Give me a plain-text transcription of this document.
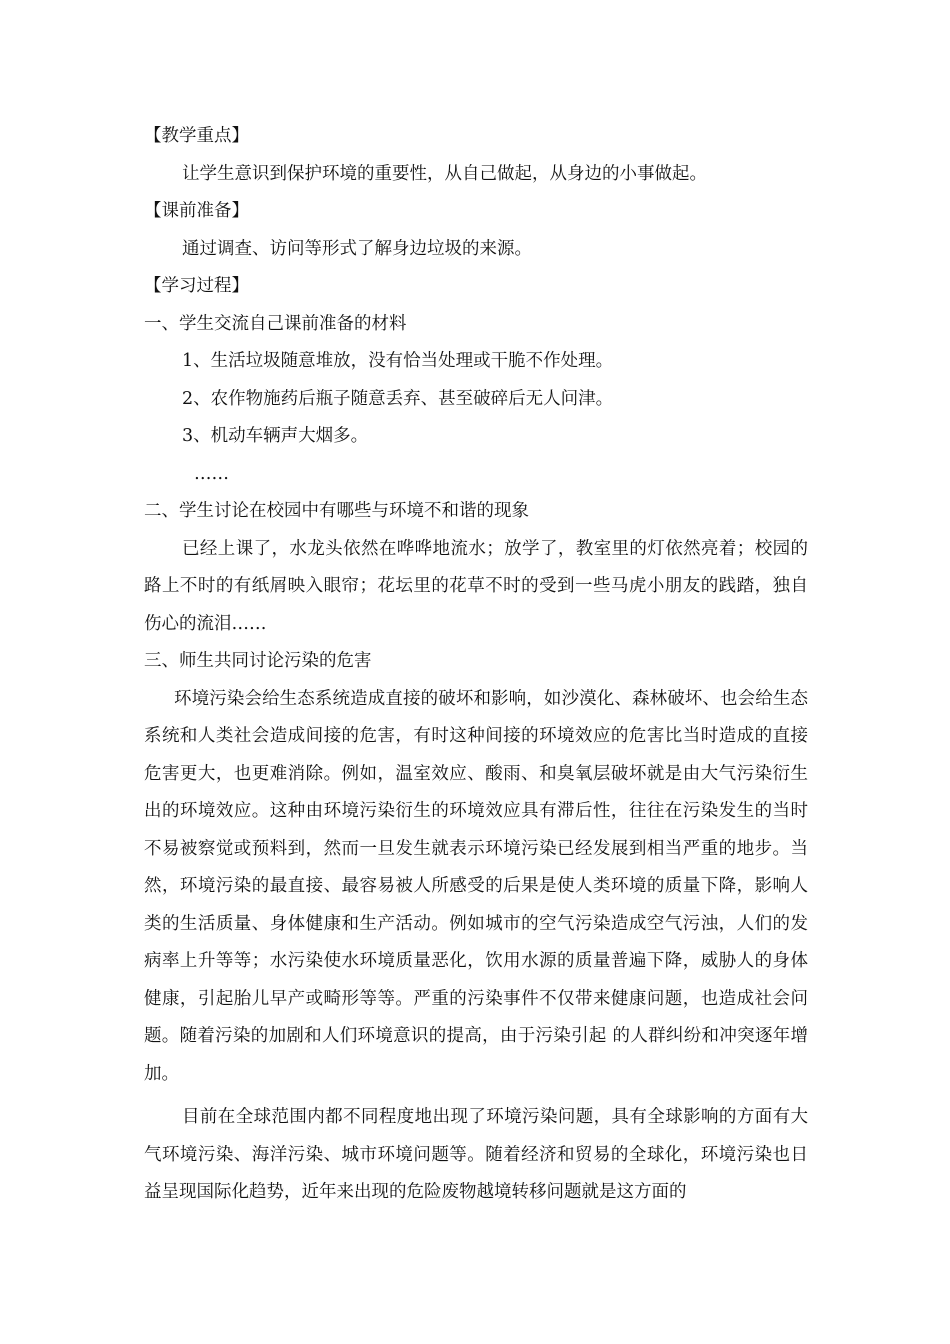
【教学重点】

让学生意识到保护环境的重要性，从自己做起，从身边的小事做起。

【课前准备】

通过调查、访问等形式了解身边垃圾的来源。

【学习过程】

一、学生交流自己课前准备的材料

1、生活垃圾随意堆放，没有恰当处理或干脆不作处理。

2、农作物施药后瓶子随意丢弃、甚至破碎后无人问津。

3、机动车辆声大烟多。

……

二、学生讨论在校园中有哪些与环境不和谐的现象

已经上课了，水龙头依然在哗哗地流水；放学了，教室里的灯依然亮着；校园的路上不时的有纸屑映入眼帘；花坛里的花草不时的受到一些马虎小朋友的践踏，独自伤心的流泪……

三、师生共同讨论污染的危害

环境污染会给生态系统造成直接的破坏和影响，如沙漠化、森林破坏、也会给生态系统和人类社会造成间接的危害，有时这种间接的环境效应的危害比当时造成的直接危害更大，也更难消除。例如，温室效应、酸雨、和臭氧层破坏就是由大气污染衍生出的环境效应。这种由环境污染衍生的环境效应具有滞后性，往往在污染发生的当时不易被察觉或预料到，然而一旦发生就表示环境污染已经发展到相当严重的地步。当然，环境污染的最直接、最容易被人所感受的后果是使人类环境的质量下降，影响人类的生活质量、身体健康和生产活动。例如城市的空气污染造成空气污浊，人们的发病率上升等等；水污染使水环境质量恶化，饮用水源的质量普遍下降，威胁人的身体健康，引起胎儿早产或畸形等等。严重的污染事件不仅带来健康问题，也造成社会问题。随着污染的加剧和人们环境意识的提高，由于污染引起 的人群纠纷和冲突逐年增加。

目前在全球范围内都不同程度地出现了环境污染问题，具有全球影响的方面有大气环境污染、海洋污染、城市环境问题等。随着经济和贸易的全球化，环境污染也日益呈现国际化趋势，近年来出现的危险废物越境转移问题就是这方面的
